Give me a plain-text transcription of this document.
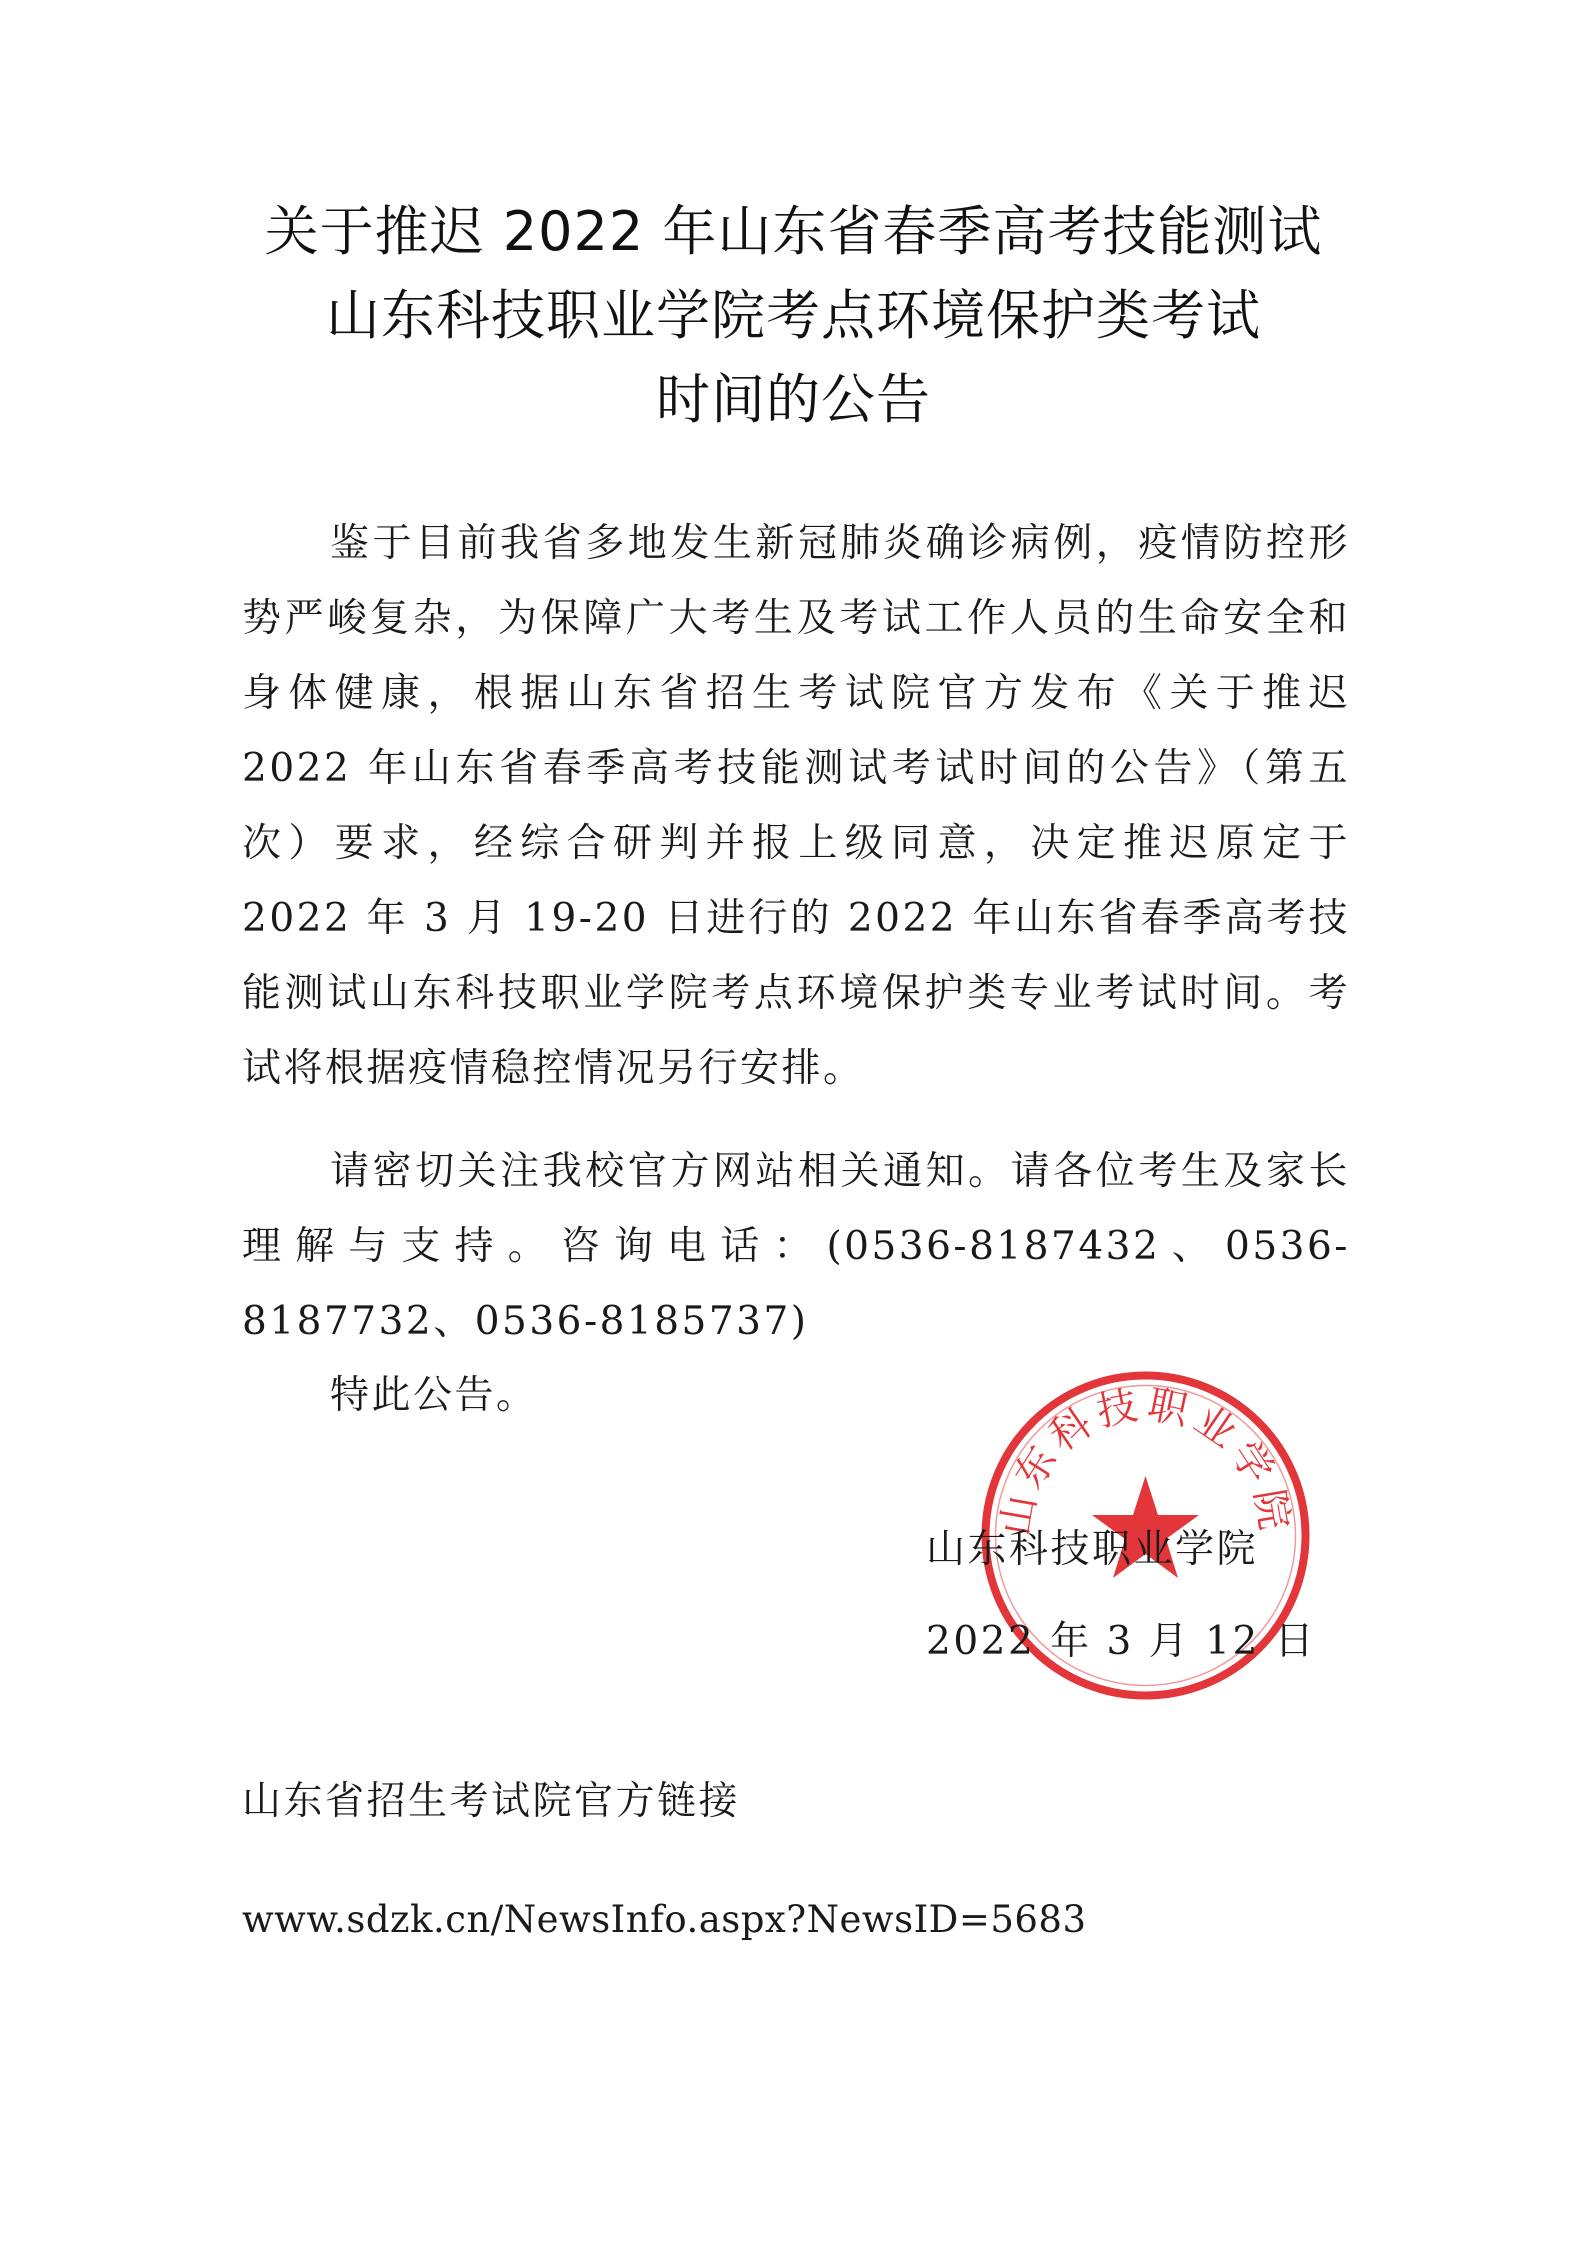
关于推迟 2022 年山东省春季高考技能测试
山东科技职业学院考点环境保护类考试
时间的公告
鉴于目前我省多地发生新冠肺炎确诊病例，疫情防控形势严峻复杂，为保障广大考生及考试工作人员的生命安全和身体健康，根据山东省招生考试院官方发布《关于推迟 2022 年山东省春季高考技能测试考试时间的公告》（第五次）要求，经综合研判并报上级同意，决定推迟原定于 2022 年 3 月 19-20 日进行的 2022 年山东省春季高考技能测试山东科技职业学院考点环境保护类专业考试时间。考试将根据疫情稳控情况另行安排。
请密切关注我校官方网站相关通知。请各位考生及家长理解与支持。咨询电话：(0536-8187432、0536-8187732、0536-8185737)
特此公告。
山东科技职业学院
山东科技职业学院
2022 年 3 月 12 日
山东省招生考试院官方链接
www.sdzk.cn/NewsInfo.aspx?NewsID=5683
